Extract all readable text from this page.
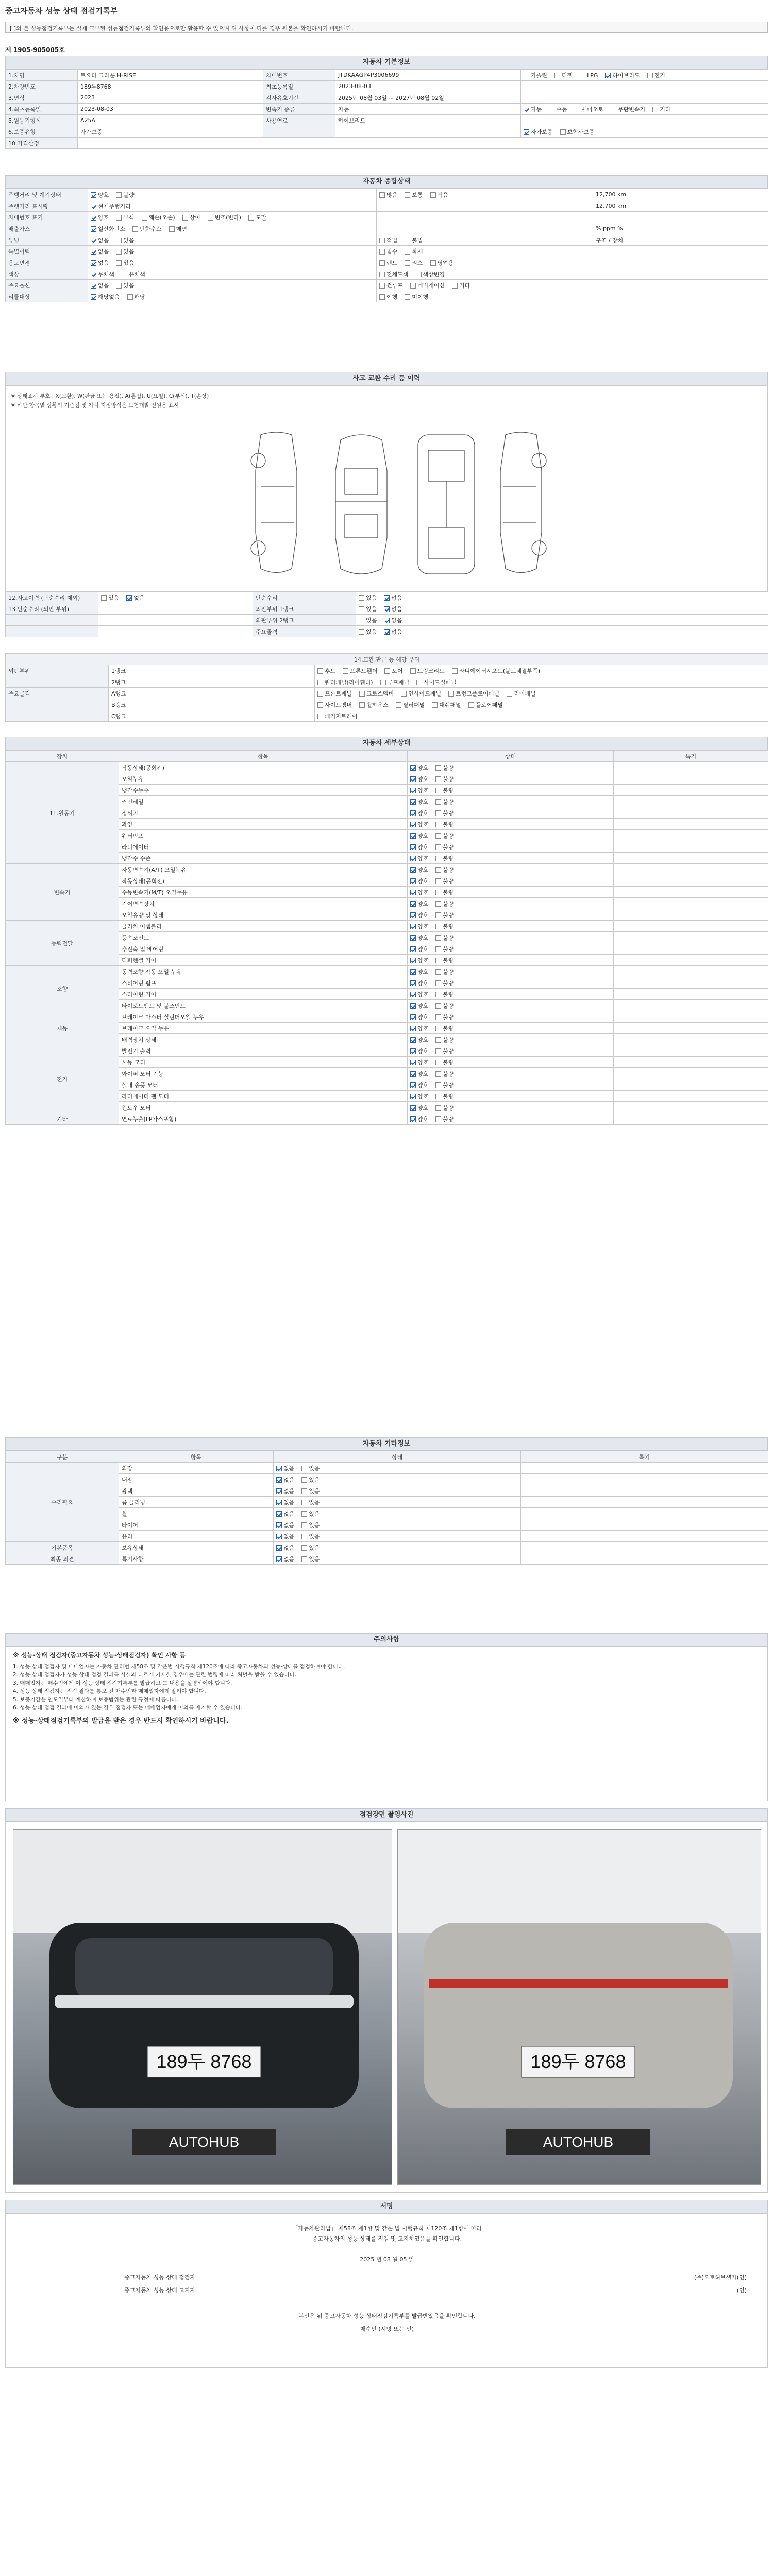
중고자동차 성능 상태 점검기록부
[ ]의 본 성능점검기록부는 실제 교부된 성능점검기록부의 확인용으로만 활용할 수 있으며 위 사항이 다를 경우 원본을 확인하시기 바랍니다.
제 1905-905005호
자동차 기본정보
1.차명	토요타 크라운 H-RISE	차대번호	JTDKAAGP4P3006699	가솔린 디젤 LPG 하이브리드 전기
2.차량번호	189두8768	최초등록일	2023-08-03	
3.연식	2023	검사유효기간	2025년 08월 03일 ~ 2027년 08월 02일	
4.최초등록일	2023-08-03	변속기 종류	자동	자동 수동 세미오토 무단변속기 기타
5.원동기형식	A25A	사용연료	하이브리드	
6.보증유형	자가보증			자가보증 보험사보증
10.가격산정				
자동차 종합상태
주행거리 및 계기상태	양호 불량	많음 보통 적음	12,700 km
주행거리 표시량	현재주행거리		12,700 km
차대번호 표기	양호 부식 훼손(오손) 상이 변조(변타) 도말		
배출가스	일산화탄소 탄화수소 매연		% ppm %
튜닝	없음 있음	적법 불법	구조 / 장치
특별이력	없음 있음	침수 화재	
용도변경	없음 있음	렌트 리스 영업용	
색상	무채색 유채색	전체도색 색상변경	
주요옵션	없음 있음	썬루프 네비게이션 기타	
리콜대상	해당없음 해당	이행 미이행	
사고 교환 수리 등 이력
※ 상태표시 부호 : X(교환), W(판금 또는 용접), A(흠집), U(요철), C(부식), T(손상)
※ 하단 항목별 상황의 기준점 및 가치 지정방식은 보험개발 전원용 표시
12.사고이력 (단순수리 제외)	있음 없음	단순수리	있음 없음	
13.단순수리 (외판 부위)		외판부위 1랭크	있음 없음	
		외판부위 2랭크	있음 없음	
		주요골격	있음 없음	
14.교환,판금 등 해당 부위		
외판부위	1랭크	후드 프론트휀더 도어 트렁크리드 라디에이터서포트(볼트체결부품)
	2랭크	쿼터패널(리어휀더) 루프패널 사이드실패널
주요골격	A랭크	프론트패널 크로스멤버 인사이드패널 트렁크플로어패널 리어패널
	B랭크	사이드멤버 휠하우스 필러패널 대쉬패널 플로어패널
	C랭크	패키지트레이
자동차 세부상태
장치	항목	상태	특기
11.원동기	작동상태(공회전)	양호 불량	
	오일누유	양호 불량	
	냉각수누수	양호 불량	
	커먼레일	양호 불량	
	정위치	양호 불량	
	과잉	양호 불량	
	워터펌프	양호 불량	
	라디에이터	양호 불량	
	냉각수 수준	양호 불량	
변속기	자동변속기(A/T) 오일누유	양호 불량	
	작동상태(공회전)	양호 불량	
	수동변속기(M/T) 오일누유	양호 불량	
	기어변속장치	양호 불량	
	오일유량 및 상태	양호 불량	
동력전달	클러치 어셈블리	양호 불량	
	등속조인트	양호 불량	
	추진축 및 베어링	양호 불량	
	디퍼렌셜 기어	양호 불량	
조향	동력조향 작동 오일 누유	양호 불량	
	스티어링 펌프	양호 불량	
	스티어링 기어	양호 불량	
	타이로드엔드 및 볼조인트	양호 불량	
제동	브레이크 마스터 실린더오일 누유	양호 불량	
	브레이크 오일 누유	양호 불량	
	배력장치 상태	양호 불량	
전기	발전기 출력	양호 불량	
	시동 모터	양호 불량	
	와이퍼 모터 기능	양호 불량	
	실내 송풍 모터	양호 불량	
	라디에이터 팬 모터	양호 불량	
	윈도우 모터	양호 불량	
기타	연료누출(LP가스포함)	양호 불량	
자동차 기타정보
구분	항목	상태	특기
수리필요	외장	없음 있음	
	내장	없음 있음	
	광택	없음 있음	
	룸 클리닝	없음 있음	
	휠	없음 있음	
	타이어	없음 있음	
	유리	없음 있음	
기본품목	보유상태	없음 있음	
최종 의견	특기사항	없음 있음	
주의사항

※ 성능·상태 점검자(중고자동차 성능·상태점검자) 확인 사항 등

1. 성능·상태 점검자 및 매매업자는 자동차 관리법 제58조 및 같은법 시행규칙 제120조에 따라 중고자동차의 성능·상태를 점검하여야 합니다.

2. 성능·상태 점검자가 성능·상태 점검 결과를 사실과 다르게 기재한 경우에는 관련 법령에 따라 처벌을 받을 수 있습니다.

3. 매매업자는 매수인에게 이 성능·상태 점검기록부를 발급하고 그 내용을 설명하여야 합니다.

4. 성능·상태 점검자는 점검 결과를 통보 전 매수인과 매매업자에게 알려야 합니다.

5. 보증기간은 인도일부터 계산하며 보증범위는 관련 규정에 따릅니다.

6. 성능·상태 점검 결과에 이의가 있는 경우 점검자 또는 매매업자에게 이의를 제기할 수 있습니다.

※ 성능·상태점검기록부의 발급을 받은 경우 반드시 확인하시기 바랍니다.

점검장면 촬영사진
189두 8768
AUTOHUB
189두 8768
AUTOHUB
서명
「자동차관리법」 제58조 제1항 및 같은 법 시행규칙 제120조 제1항에 따라
중고자동차의 성능·상태를 점검 및 고지하였음을 확인합니다.
2025 년 08 월 05 일
중고자동차 성능·상태 점검자	(주)오토허브셀카(인)
중고자동차 성능·상태 고지자	(인)
본인은 위 중고자동차 성능·상태점검기록부를 발급받았음을 확인합니다.
매수인 (서명 또는 인)
